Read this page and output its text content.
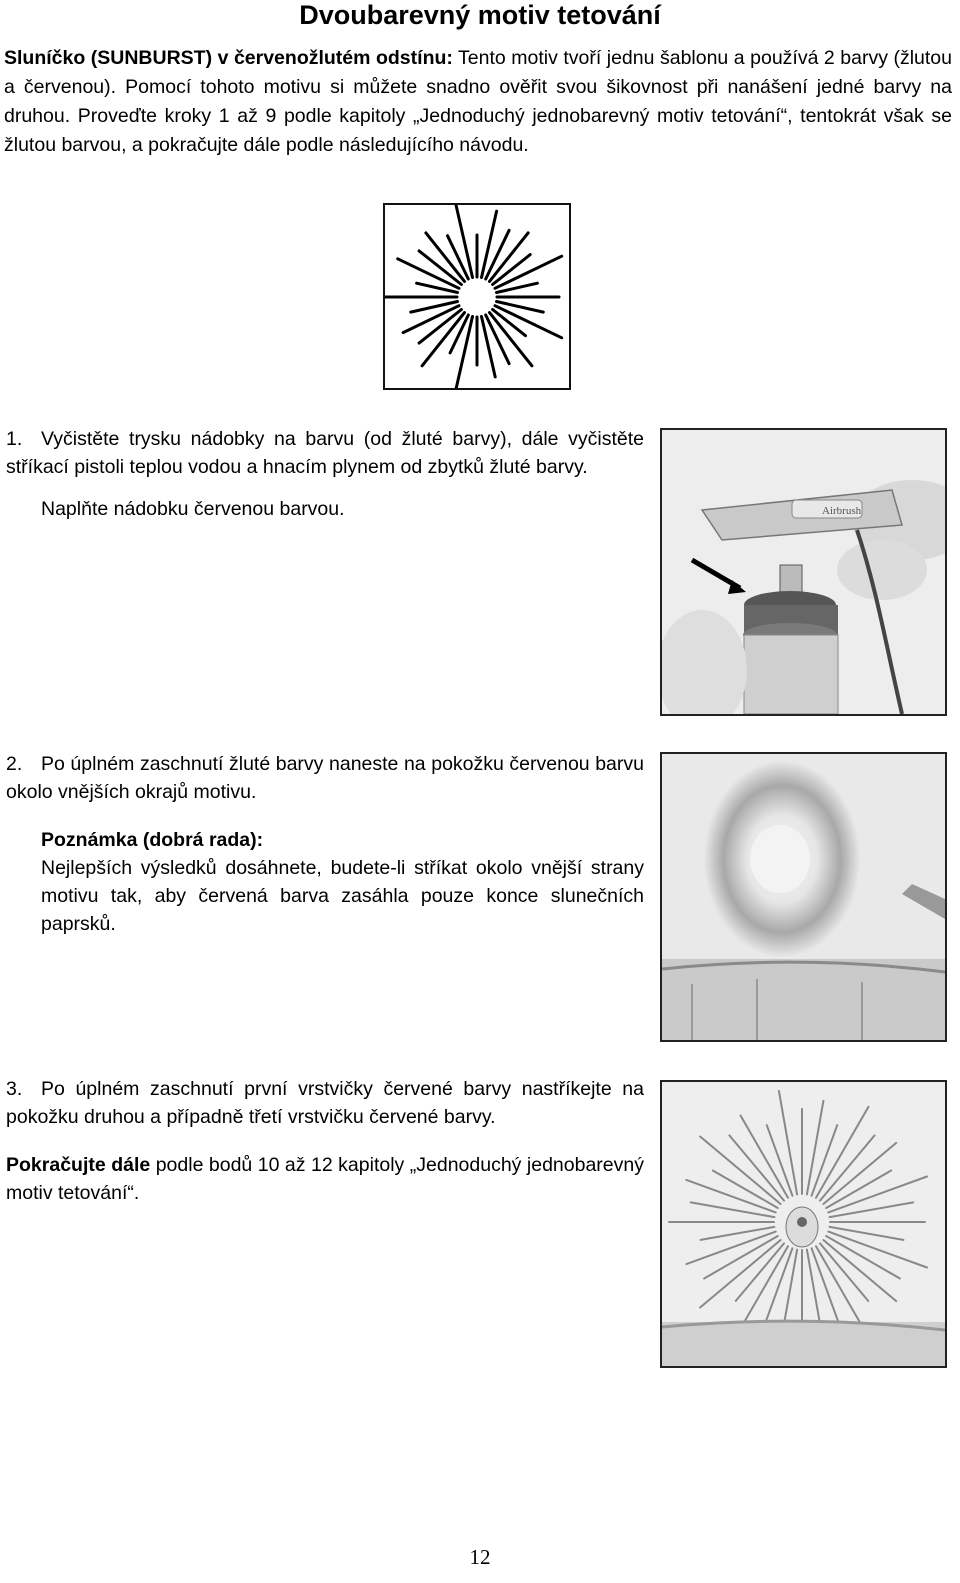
Dvoubarevný motiv tetování
Sluníčko (SUNBURST) v červenožlutém odstínu: Tento motiv tvoří jednu šablonu a používá 2 barvy (žlutou a červenou). Pomocí tohoto motivu si můžete snadno ověřit svou šikovnost při nanášení jedné barvy na druhou. Proveďte kroky 1 až 9 podle kapitoly „Jednoduchý jednobarevný motiv tetování“, tentokrát však se žlutou barvou, a pokračujte dále podle následujícího návodu.

1. Vyčistěte trysku nádobky na barvu (od žluté barvy), dále vyčistěte stříkací pistoli teplou vodou a hnacím plynem od zbytků žluté barvy.

Naplňte nádobku červenou barvou.	Airbrush

2. Po úplném zaschnutí žluté barvy naneste na pokožku červenou barvu okolo vnějších okrajů motivu.

Poznámka (dobrá rada):

Nejlepších výsledků dosáhnete, budete-li stříkat okolo vnější strany motivu tak, aby červená barva zasáhla pouze konce slunečních paprsků.

3. Po úplném zaschnutí první vrstvičky červené barvy nastříkejte na pokožku druhou a případně třetí vrstvičku červené barvy.

Pokračujte dále podle bodů 10 až 12 kapitoly „Jednoduchý jednobarevný motiv tetování“.

12
